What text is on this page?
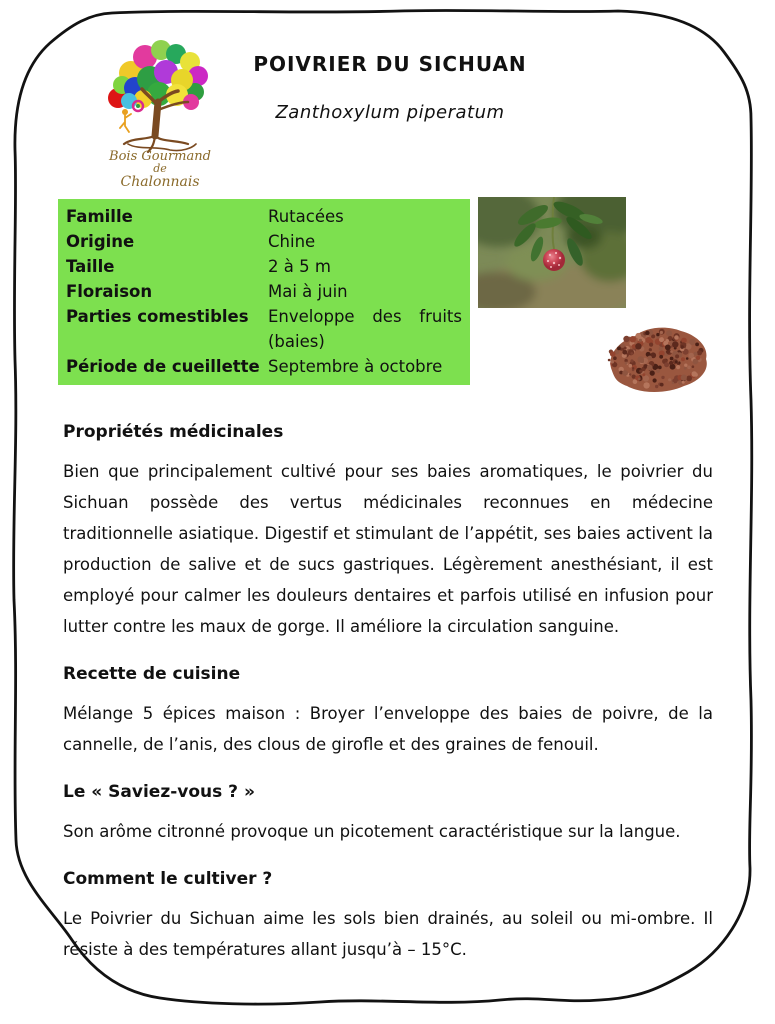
Bois Gourmand
de
Chalonnais
POIVRIER DU SICHUAN
Zanthoxylum piperatum
Famille	Rutacées
Origine	Chine
Taille	2 à 5 m
Floraison	Mai à juin
Parties comestibles	Enveloppe des fruits (baies)
Période de cueillette Septembre à octobre
Propriétés médicinales

Bien que principalement cultivé pour ses baies aromatiques, le poivrier du Sichuan possède des vertus médicinales reconnues en médecine traditionnelle asiatique. Digestif et stimulant de l’appétit, ses baies activent la production de salive et de sucs gastriques. Légèrement anesthésiant, il est employé pour calmer les douleurs dentaires et parfois utilisé en infusion pour lutter contre les maux de gorge. Il améliore la circulation sanguine.

Recette de cuisine

Mélange 5 épices maison : Broyer l’enveloppe des baies de poivre, de la cannelle, de l’anis, des clous de girofle et des graines de fenouil.

Le « Saviez-vous ? »

Son arôme citronné provoque un picotement caractéristique sur la langue.

Comment le cultiver ?

Le Poivrier du Sichuan aime les sols bien drainés, au soleil ou mi-ombre. Il résiste à des températures allant jusqu’à – 15°C.
